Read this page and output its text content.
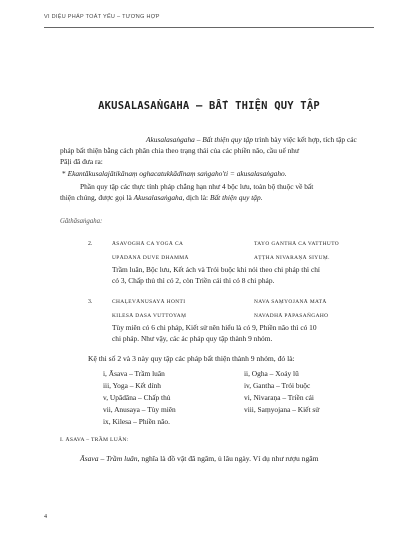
VI DIỆU PHÁP TOÁT YẾU – TƯƠNG HỢP
AKUSALASAṄGAHA – BẤT THIỆN QUY TẬP
Akusalasaṅgaha – Bất thiện quy tập trình bày việc kết hợp, tích tập các
pháp bất thiện bằng cách phân chia theo trạng thái của các phiền não, cầu uế như
Pāḷi đã đưa ra:
* Ekantākusalajātikānaṃ oghacatukkādīnaṃ saṅgaho'ti = akusalasaṅgaho.
Phần quy tập các thực tính pháp chẳng hạn như 4 bộc lưu, toàn bộ thuộc về bất
thiện chúng, được gọi là Akusalasaṅgaha, dịch là: Bất thiện quy tập.
Gāthāsaṅgaha:
2.	ĀSAVOGHĀ CA YOGĀ CA	TAYO GANTHĀ CA VATTHUTO
UPĀDĀNĀ DUVE DHAMMĀ	AṬṬHA NIVARAṆĀ SIYUṂ.
Trầm luân, Bộc lưu, Kết ách và Trói buộc khi nói theo chi pháp thì chỉ
có 3, Chấp thủ thì có 2, còn Triền cái thì có 8 chi pháp.
3.	CHAḶEVĀNUSAYĀ HONTI	NAVA SAṂYOJANĀ MATĀ
KILESĀ DASA VUTTOYAṂ	NAVADHĀ PĀPASAṄGAHO
Tùy miên có 6 chi pháp, Kiết sử nên hiểu là có 9, Phiền não thì có 10
chi pháp. Như vậy, các ác pháp quy tập thành 9 nhóm.
Kệ thi số 2 và 3 này quy tập các pháp bất thiện thành 9 nhóm, đó là:
i, Āsava – Trầm luân	ii, Ogha – Xoáy lũ
iii, Yoga – Kết dính	iv, Gantha – Trói buộc
v, Upādāna – Chấp thủ	vi, Nivaraṇa – Triền cái
vii, Anusaya – Tùy miên	viii, Saṃyojana – Kiết sử
ix, Kilesa – Phiền não.
I. ĀSAVA – TRẦM LUÂN:
Āsava – Trầm luân, nghĩa là đồ vật đã ngâm, ủ lâu ngày. Ví dụ như rượu ngâm
4
